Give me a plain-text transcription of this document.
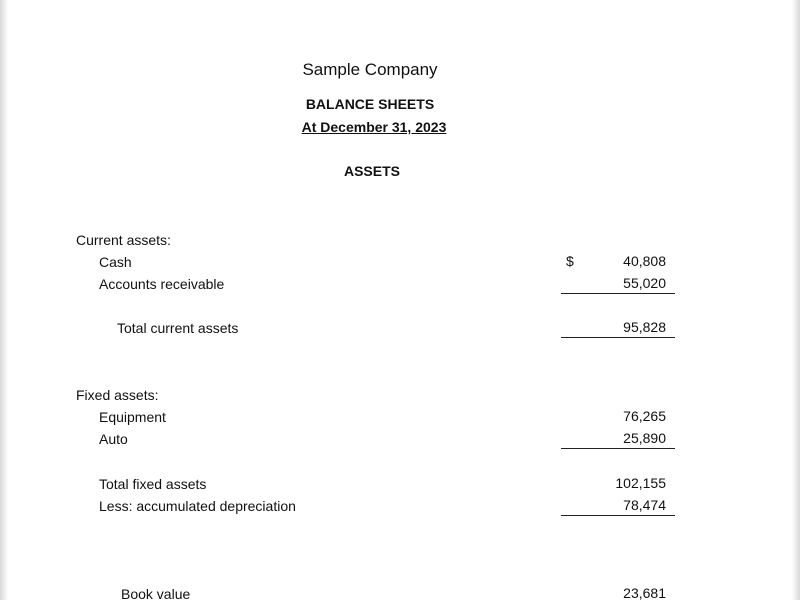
Sample Company
BALANCE SHEETS
At December 31, 2023
ASSETS
Current assets:
Cash	$	40,808
Accounts receivable	55,020
Total current assets	95,828
Fixed assets:
Equipment	76,265
Auto	25,890
Total fixed assets	102,155
Less: accumulated depreciation	78,474
Book value	23,681
